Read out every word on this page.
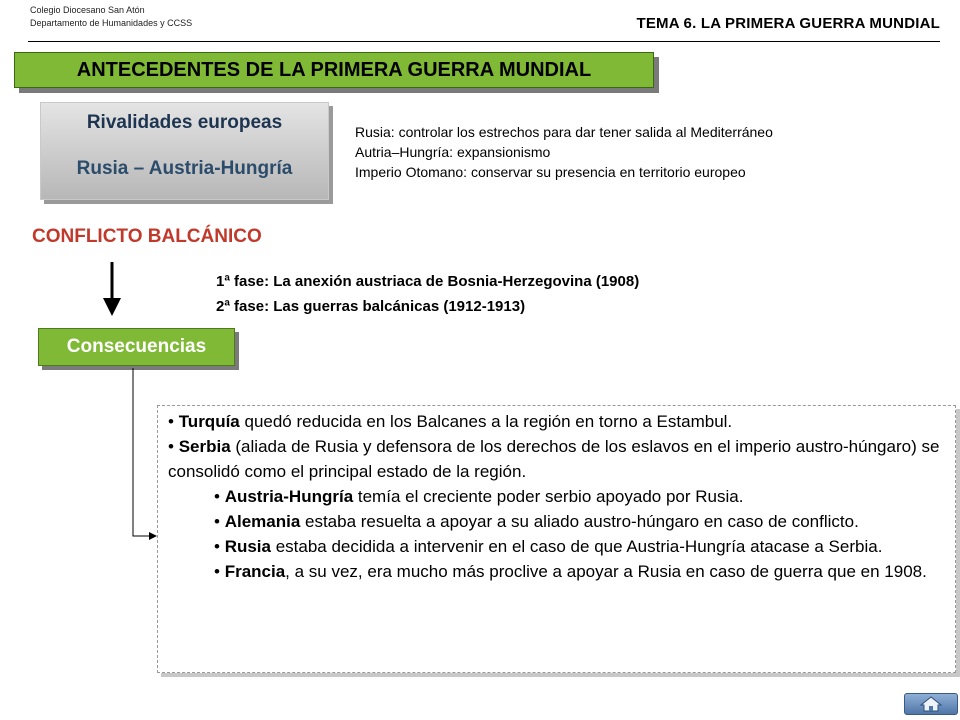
Colegio Diocesano San Atón
Departamento de Humanidades y CCSS	TEMA 6. LA PRIMERA GUERRA MUNDIAL
ANTECEDENTES DE LA PRIMERA GUERRA MUNDIAL
Rivalidades europeas
Rusia – Austria-Hungría
Rusia: controlar los estrechos para dar tener salida al Mediterráneo
Autria–Hungría: expansionismo
Imperio Otomano: conservar su presencia en territorio europeo
CONFLICTO BALCÁNICO
1ª fase: La anexión austriaca de Bosnia-Herzegovina (1908)
2ª fase: Las guerras balcánicas (1912-1913)
Consecuencias
• Turquía quedó reducida en los Balcanes a la región en torno a Estambul.
• Serbia (aliada de Rusia y defensora de los derechos de los eslavos en el imperio austro-húngaro) se consolidó como el principal estado de la región.
• Austria-Hungría temía el creciente poder serbio apoyado por Rusia.
• Alemania estaba resuelta a apoyar a su aliado austro-húngaro en caso de conflicto.
• Rusia estaba decidida a intervenir en el caso de que Austria-Hungría atacase a Serbia.
• Francia, a su vez, era mucho más proclive a apoyar a Rusia en caso de guerra que en 1908.
